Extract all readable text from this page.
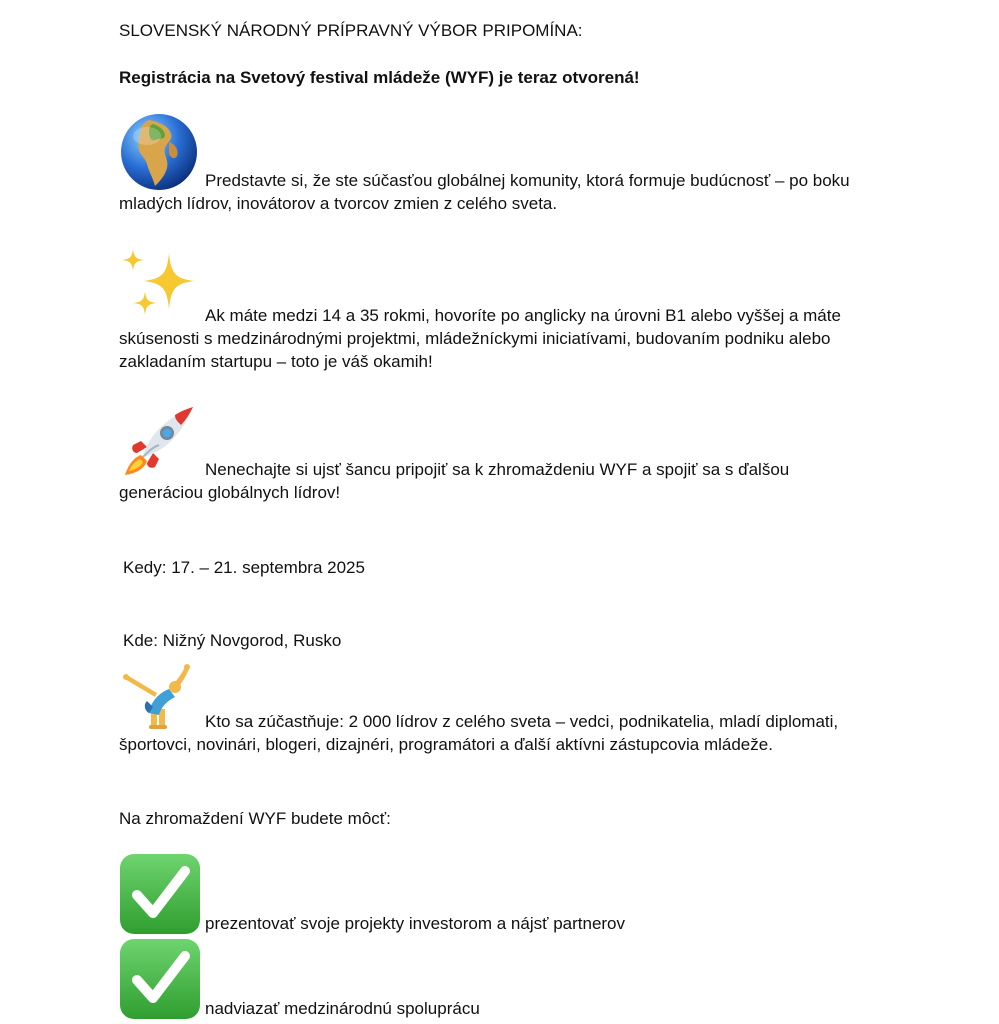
SLOVENSKÝ NÁRODNÝ PRÍPRAVNÝ VÝBOR PRIPOMÍNA:
Registrácia na Svetový festival mládeže (WYF) je teraz otvorená!
Predstavte si, že ste súčasťou globálnej komunity, ktorá formuje budúcnosť – po boku mladých lídrov, inovátorov a tvorcov zmien z celého sveta.
Ak máte medzi 14 a 35 rokmi, hovoríte po anglicky na úrovni B1 alebo vyššej a máte skúsenosti s medzinárodnými projektmi, mládežníckymi iniciatívami, budovaním podniku alebo zakladaním startupu – toto je váš okamih!
Nenechajte si ujsť šancu pripojiť sa k zhromaždeniu WYF a spojiť sa s ďalšou generáciou globálnych lídrov!
Kedy: 17. – 21. septembra 2025
Kde: Nižný Novgorod, Rusko
Kto sa zúčastňuje: 2 000 lídrov z celého sveta – vedci, podnikatelia, mladí diplomati, športovci, novinári, blogeri, dizajnéri, programátori a ďalší aktívni zástupcovia mládeže.
Na zhromaždení WYF budete môcť:
prezentovať svoje projekty investorom a nájsť partnerov
nadviazať medzinárodnú spoluprácu
